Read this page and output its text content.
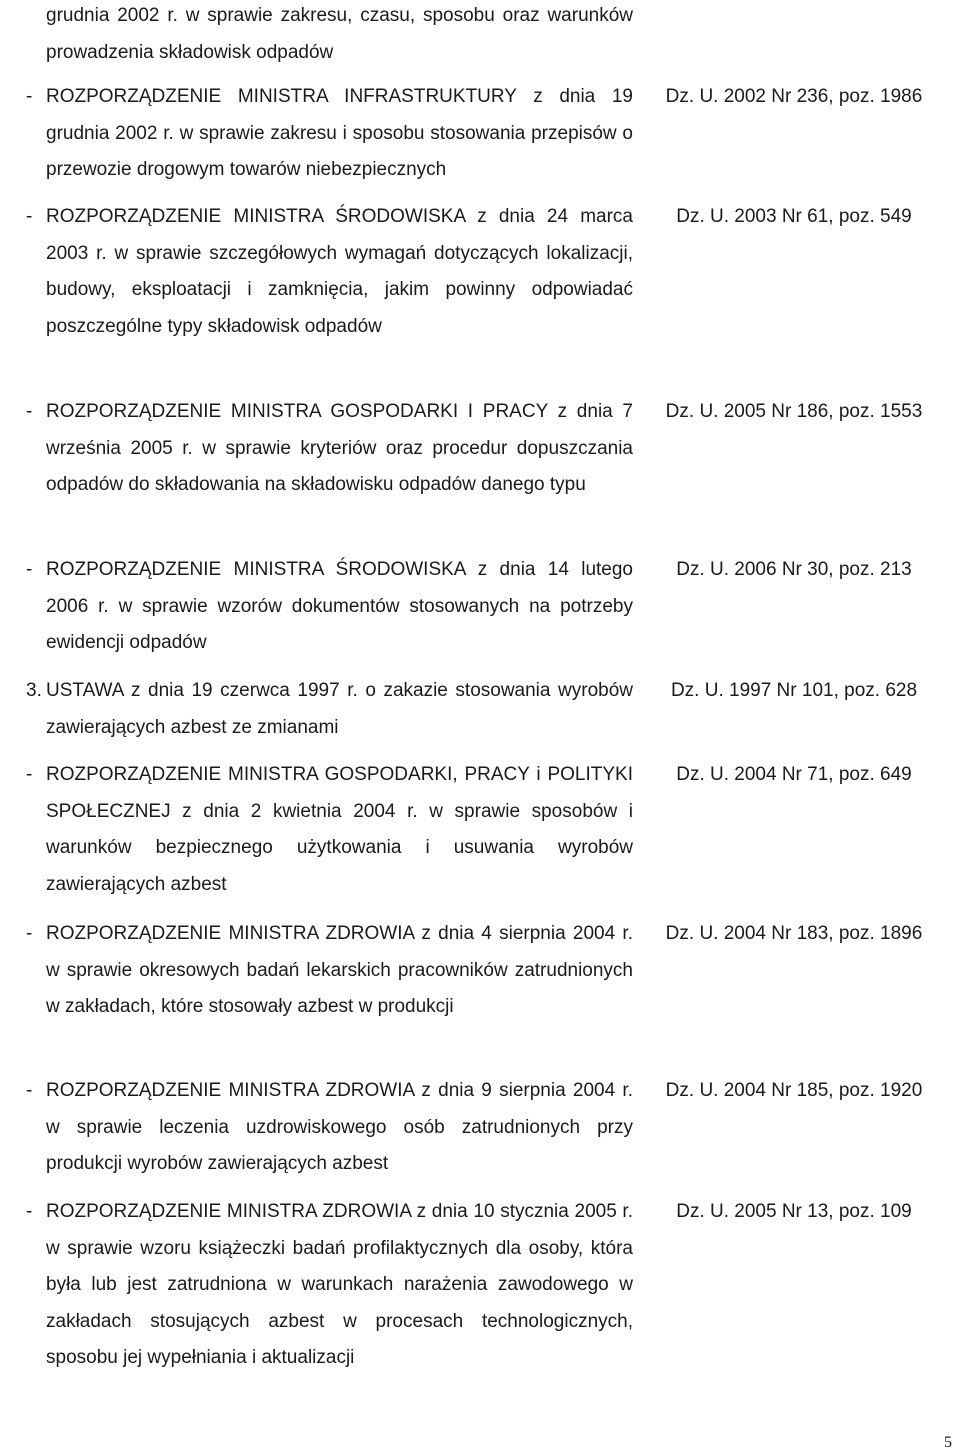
grudnia 2002 r. w sprawie zakresu, czasu, sposobu oraz warunków prowadzenia składowisk odpadów
- ROZPORZĄDZENIE MINISTRA INFRASTRUKTURY z dnia 19 grudnia 2002 r. w sprawie zakresu i sposobu stosowania przepisów o przewozie drogowym towarów niebezpiecznych
Dz. U. 2002 Nr 236, poz. 1986
- ROZPORZĄDZENIE MINISTRA ŚRODOWISKA z dnia 24 marca 2003 r. w sprawie szczegółowych wymagań dotyczących lokalizacji, budowy, eksploatacji i zamknięcia, jakim powinny odpowiadać poszczególne typy składowisk odpadów
Dz. U. 2003 Nr 61, poz. 549
- ROZPORZĄDZENIE MINISTRA GOSPODARKI I PRACY z dnia 7 września 2005 r. w sprawie kryteriów oraz procedur dopuszczania odpadów do składowania na składowisku odpadów danego typu
Dz. U. 2005 Nr 186, poz. 1553
- ROZPORZĄDZENIE MINISTRA ŚRODOWISKA z dnia 14 lutego 2006 r. w sprawie wzorów dokumentów stosowanych na potrzeby ewidencji odpadów
Dz. U. 2006 Nr 30, poz. 213
3. USTAWA z dnia 19 czerwca 1997 r. o zakazie stosowania wyrobów zawierających azbest ze zmianami
Dz. U. 1997 Nr 101, poz. 628
- ROZPORZĄDZENIE MINISTRA GOSPODARKI, PRACY i POLITYKI SPOŁECZNEJ z dnia 2 kwietnia 2004 r. w sprawie sposobów i warunków bezpiecznego użytkowania i usuwania wyrobów zawierających azbest
Dz. U. 2004 Nr 71, poz. 649
- ROZPORZĄDZENIE MINISTRA ZDROWIA z dnia 4 sierpnia 2004 r. w sprawie okresowych badań lekarskich pracowników zatrudnionych w zakładach, które stosowały azbest w produkcji
Dz. U. 2004 Nr 183, poz. 1896
- ROZPORZĄDZENIE MINISTRA ZDROWIA z dnia 9 sierpnia 2004 r. w sprawie leczenia uzdrowiskowego osób zatrudnionych przy produkcji wyrobów zawierających azbest
Dz. U. 2004 Nr 185, poz. 1920
- ROZPORZĄDZENIE MINISTRA ZDROWIA z dnia 10 stycznia 2005 r. w sprawie wzoru książeczki badań profilaktycznych dla osoby, która była lub jest zatrudniona w warunkach narażenia zawodowego w zakładach stosujących azbest w procesach technologicznych, sposobu jej wypełniania i aktualizacji
Dz. U. 2005 Nr 13, poz. 109
5
